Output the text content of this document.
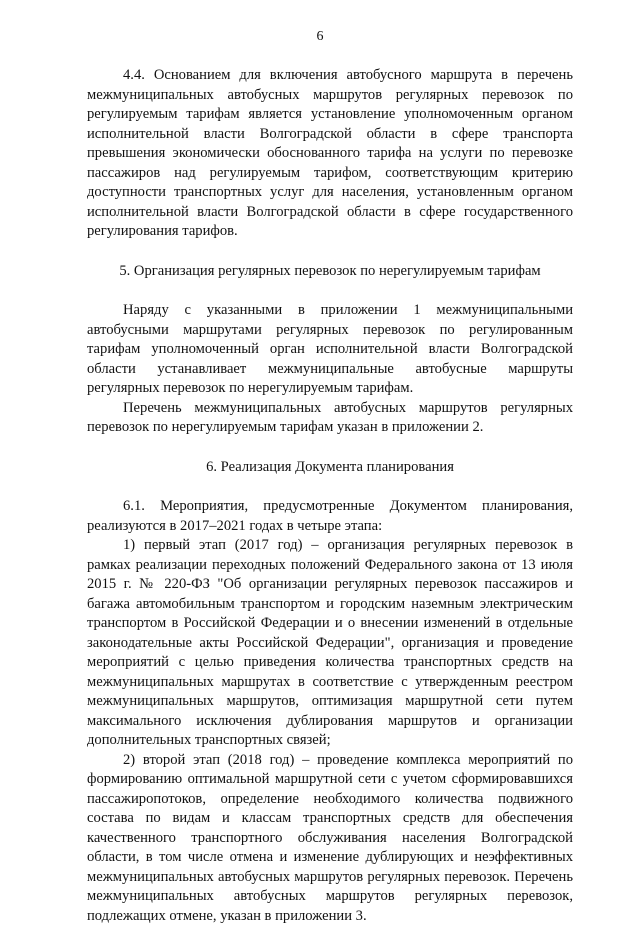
6

4.4. Основанием для включения автобусного маршрута в перечень межмуниципальных автобусных маршрутов регулярных перевозок по регулируемым тарифам является установление уполномоченным органом исполнительной власти Волгоградской области в сфере транспорта превышения экономически обоснованного тарифа на услуги по перевозке пассажиров над регулируемым тарифом, соответствующим критерию доступности транспортных услуг для населения, установленным органом исполнительной власти Волгоградской области в сфере государственного регулирования тарифов.

5. Организация регулярных перевозок по нерегулируемым тарифам

Наряду с указанными в приложении 1 межмуниципальными автобусными маршрутами регулярных перевозок по регулированным тарифам уполномоченный орган исполнительной власти Волгоградской области устанавливает межмуниципальные автобусные маршруты регулярных перевозок по нерегулируемым тарифам.

Перечень межмуниципальных автобусных маршрутов регулярных перевозок по нерегулируемым тарифам указан в приложении 2.

6. Реализация Документа планирования

6.1. Мероприятия, предусмотренные Документом планирования, реализуются в 2017–2021 годах в четыре этапа:

1) первый этап (2017 год) – организация регулярных перевозок в рамках реализации переходных положений Федерального закона от 13 июля 2015 г. № 220-ФЗ "Об организации регулярных перевозок пассажиров и багажа автомобильным транспортом и городским наземным электрическим транспортом в Российской Федерации и о внесении изменений в отдельные законодательные акты Российской Федерации", организация и проведение мероприятий с целью приведения количества транспортных средств на межмуниципальных маршрутах в соответствие с утвержденным реестром межмуниципальных маршрутов, оптимизация маршрутной сети путем максимального исключения дублирования маршрутов и организации дополнительных транспортных связей;

2) второй этап (2018 год) – проведение комплекса мероприятий по формированию оптимальной маршрутной сети с учетом сформировавшихся пассажиропотоков, определение необходимого количества подвижного состава по видам и классам транспортных средств для обеспечения качественного транспортного обслуживания населения Волгоградской области, в том числе отмена и изменение дублирующих и неэффективных межмуниципальных автобусных маршрутов регулярных перевозок. Перечень межмуниципальных автобусных маршрутов регулярных перевозок, подлежащих отмене, указан в приложении 3.
